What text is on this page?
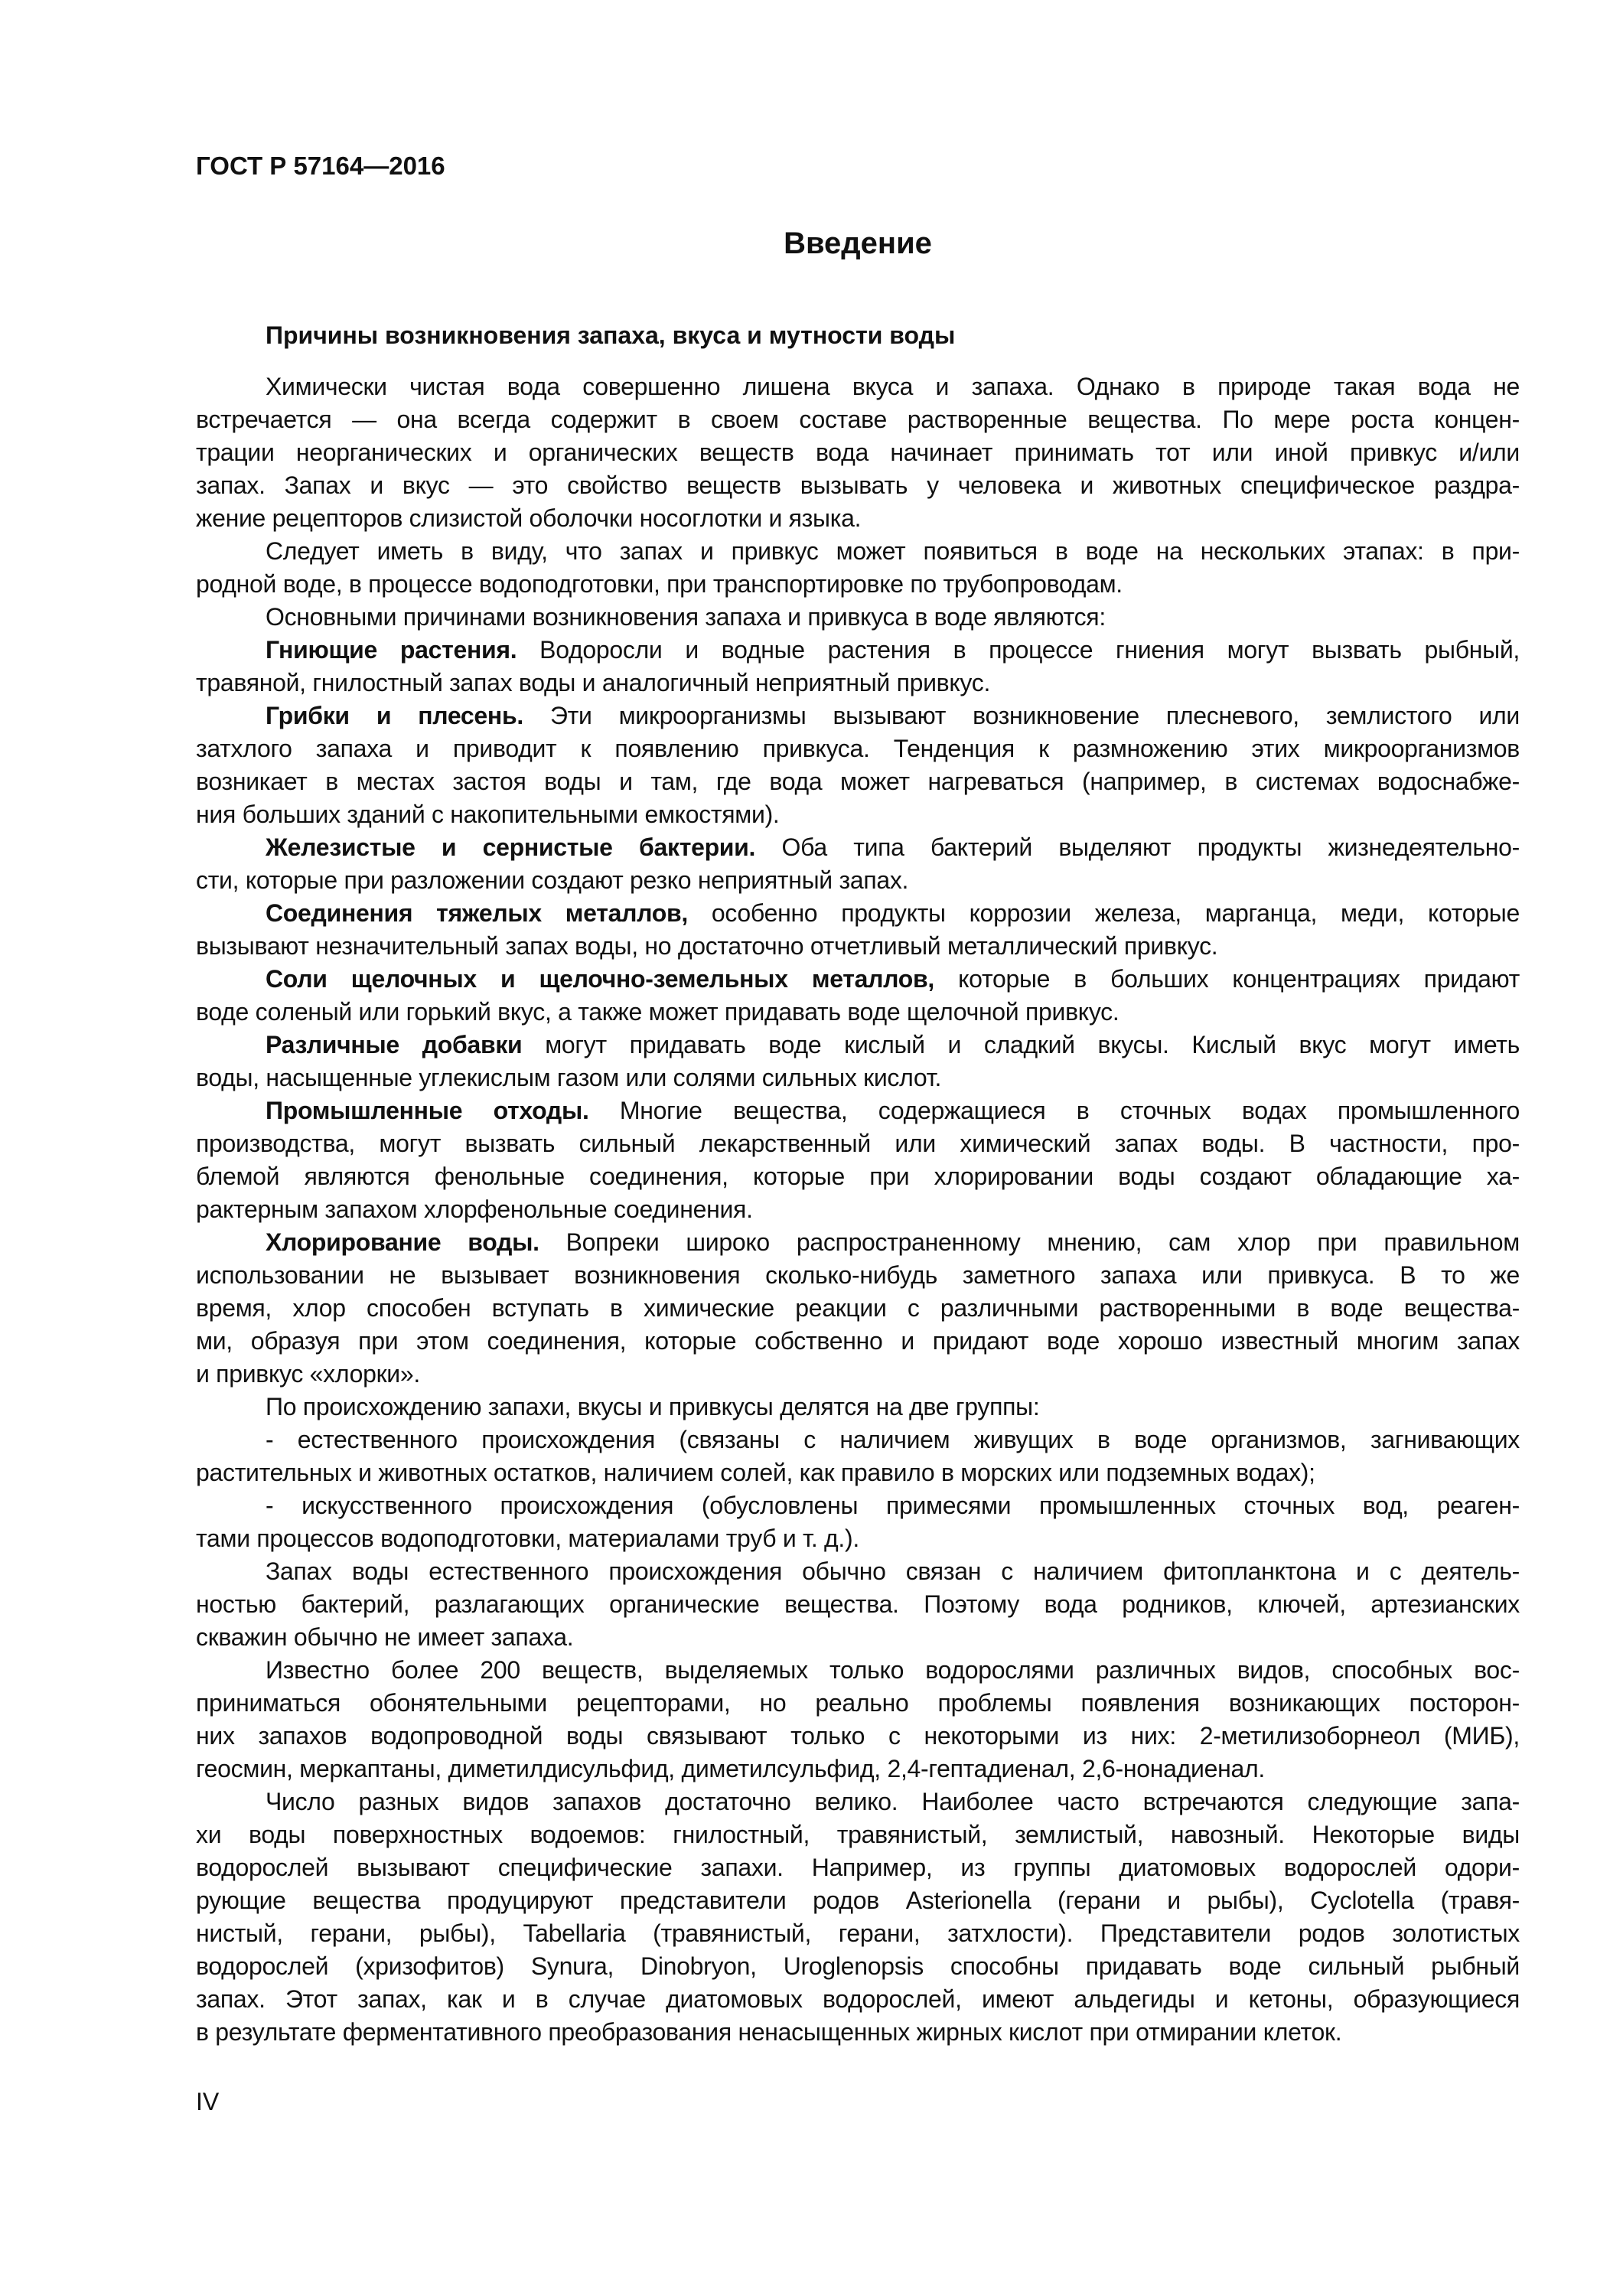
ГОСТ Р 57164—2016
Введение
Причины возникновения запаха, вкуса и мутности воды
Химически чистая вода совершенно лишена вкуса и запаха. Однако в природе такая вода не
встречается — она всегда содержит в своем составе растворенные вещества. По мере роста концен-
трации неорганических и органических веществ вода начинает принимать тот или иной привкус и/или
запах. Запах и вкус — это свойство веществ вызывать у человека и животных специфическое раздра-
жение рецепторов слизистой оболочки носоглотки и языка.
Следует иметь в виду, что запах и привкус может появиться в воде на нескольких этапах: в при-
родной воде, в процессе водоподготовки, при транспортировке по трубопроводам.
Основными причинами возникновения запаха и привкуса в воде являются:
Гниющие растения. Водоросли и водные растения в процессе гниения могут вызвать рыбный,
травяной, гнилостный запах воды и аналогичный неприятный привкус.
Грибки и плесень. Эти микроорганизмы вызывают возникновение плесневого, землистого или
затхлого запаха и приводит к появлению привкуса. Тенденция к размножению этих микроорганизмов
возникает в местах застоя воды и там, где вода может нагреваться (например, в системах водоснабже-
ния больших зданий с накопительными емкостями).
Железистые и сернистые бактерии. Оба типа бактерий выделяют продукты жизнедеятельно-
сти, которые при разложении создают резко неприятный запах.
Соединения тяжелых металлов, особенно продукты коррозии железа, марганца, меди, которые
вызывают незначительный запах воды, но достаточно отчетливый металлический привкус.
Соли щелочных и щелочно-земельных металлов, которые в больших концентрациях придают
воде соленый или горький вкус, а также может придавать воде щелочной привкус.
Различные добавки могут придавать воде кислый и сладкий вкусы. Кислый вкус могут иметь
воды, насыщенные углекислым газом или солями сильных кислот.
Промышленные отходы. Многие вещества, содержащиеся в сточных водах промышленного
производства, могут вызвать сильный лекарственный или химический запах воды. В частности, про-
блемой являются фенольные соединения, которые при хлорировании воды создают обладающие ха-
рактерным запахом хлорфенольные соединения.
Хлорирование воды. Вопреки широко распространенному мнению, сам хлор при правильном
использовании не вызывает возникновения сколько-нибудь заметного запаха или привкуса. В то же
время, хлор способен вступать в химические реакции с различными растворенными в воде вещества-
ми, образуя при этом соединения, которые собственно и придают воде хорошо известный многим запах
и привкус «хлорки».
По происхождению запахи, вкусы и привкусы делятся на две группы:
- естественного происхождения (связаны с наличием живущих в воде организмов, загнивающих
растительных и животных остатков, наличием солей, как правило в морских или подземных водах);
- искусственного происхождения (обусловлены примесями промышленных сточных вод, реаген-
тами процессов водоподготовки, материалами труб и т. д.).
Запах воды естественного происхождения обычно связан с наличием фитопланктона и с деятель-
ностью бактерий, разлагающих органические вещества. Поэтому вода родников, ключей, артезианских
скважин обычно не имеет запаха.
Известно более 200 веществ, выделяемых только водорослями различных видов, способных вос-
приниматься обонятельными рецепторами, но реально проблемы появления возникающих посторон-
них запахов водопроводной воды связывают только с некоторыми из них: 2-метилизоборнеол (МИБ),
геосмин, меркаптаны, диметилдисульфид, диметилсульфид, 2,4-гептадиенал, 2,6-нонадиенал.
Число разных видов запахов достаточно велико. Наиболее часто встречаются следующие запа-
хи воды поверхностных водоемов: гнилостный, травянистый, землистый, навозный. Некоторые виды
водорослей вызывают специфические запахи. Например, из группы диатомовых водорослей одори-
рующие вещества продуцируют представители родов Asterionella (герани и рыбы), Cyclotella (травя-
нистый, герани, рыбы), Tabellaria (травянистый, герани, затхлости). Представители родов золотистых
водорослей (хризофитов) Synura, Dinobryon, Uroglenopsis способны придавать воде сильный рыбный
запах. Этот запах, как и в случае диатомовых водорослей, имеют альдегиды и кетоны, образующиеся
в результате ферментативного преобразования ненасыщенных жирных кислот при отмирании клеток.
IV
